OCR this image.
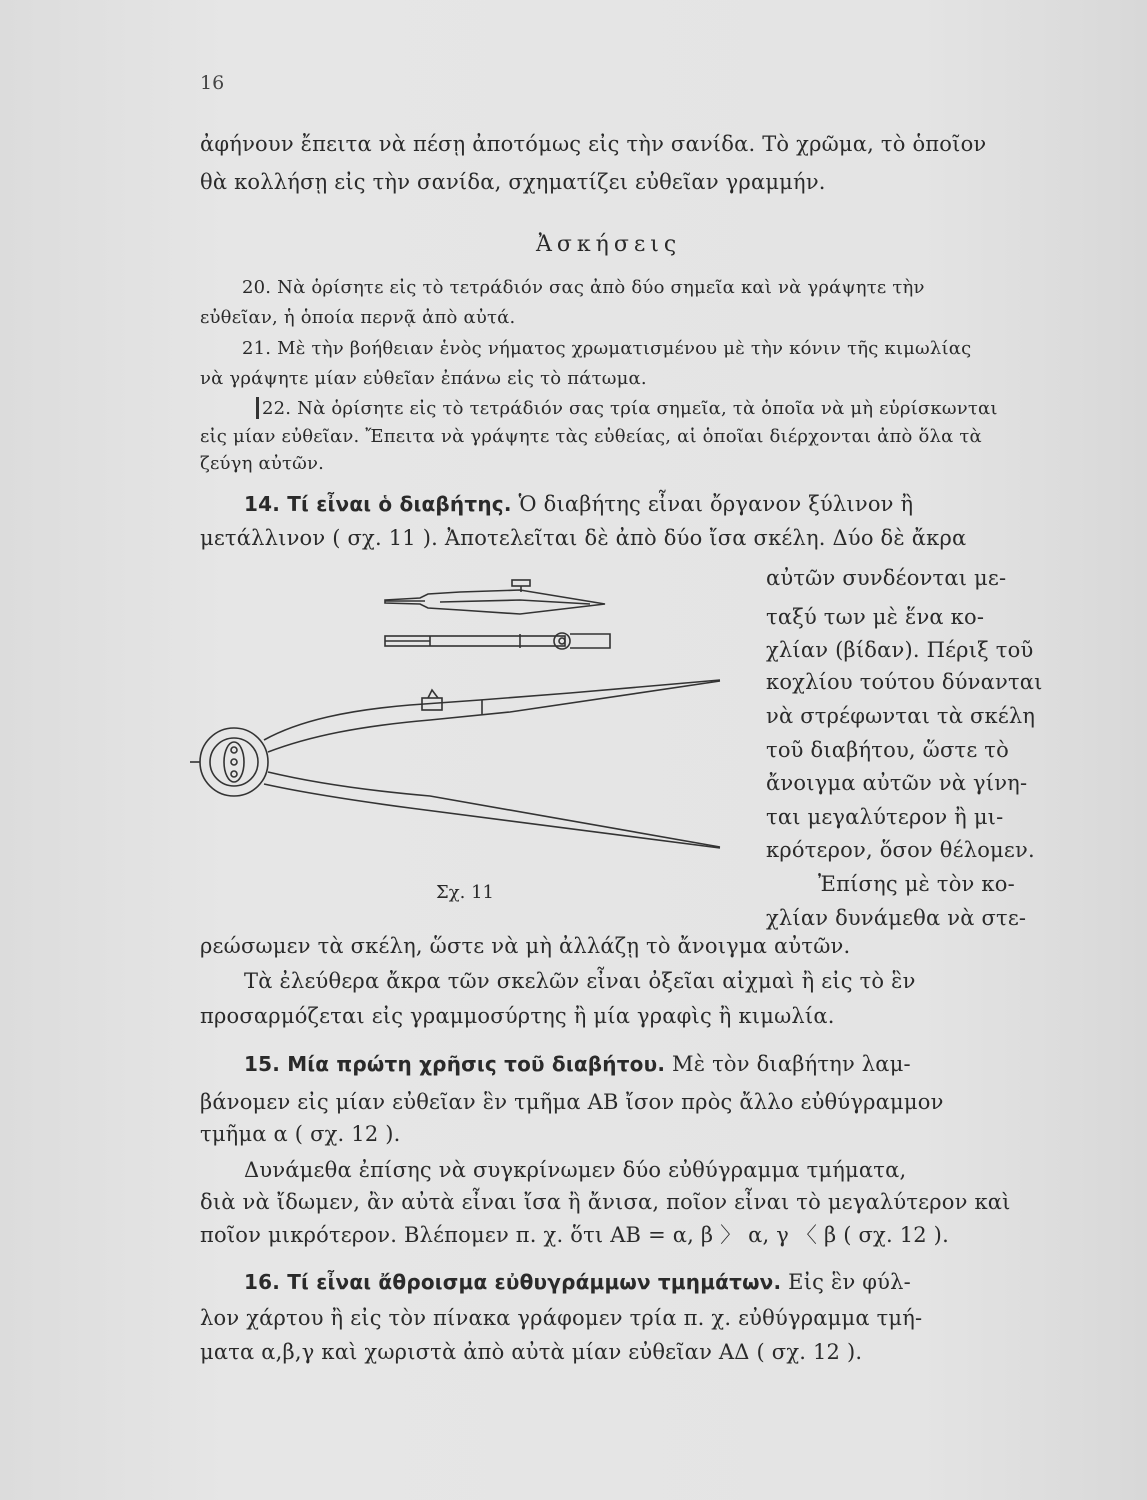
16
ἀφήνουν ἔπειτα νὰ πέσῃ ἀποτόμως εἰς τὴν σανίδα. Τὸ χρῶμα, τὸ ὁποῖον
θὰ κολλήσῃ εἰς τὴν σανίδα, σχηματίζει εὐθεῖαν γραμμήν.
Ἀσκήσεις
20. Νὰ ὁρίσητε εἰς τὸ τετράδιόν σας ἀπὸ δύο σημεῖα καὶ νὰ γράψητε τὴν
εὐθεῖαν, ἡ ὁποία περνᾷ ἀπὸ αὐτά.
21. Μὲ τὴν βοήθειαν ἑνὸς νήματος χρωματισμένου μὲ τὴν κόνιν τῆς κιμωλίας
νὰ γράψητε μίαν εὐθεῖαν ἐπάνω εἰς τὸ πάτωμα.
22. Νὰ ὁρίσητε εἰς τὸ τετράδιόν σας τρία σημεῖα, τὰ ὁποῖα νὰ μὴ εὑρίσκωνται
εἰς μίαν εὐθεῖαν. Ἔπειτα νὰ γράψητε τὰς εὐθείας, αἱ ὁποῖαι διέρχονται ἀπὸ ὅλα τὰ
ζεύγη αὐτῶν.
14. Τί εἶναι ὁ διαβήτης. Ὁ διαβήτης εἶναι ὄργανον ξύλινον ἢ
μετάλλινον ( σχ. 11 ). Ἀποτελεῖται δὲ ἀπὸ δύο ἴσα σκέλη. Δύο δὲ ἄκρα
αὐτῶν συνδέονται με-
ταξύ των μὲ ἕνα κο-
χλίαν (βίδαν). Πέριξ τοῦ
κοχλίου τούτου δύνανται
νὰ στρέφωνται τὰ σκέλη
τοῦ διαβήτου, ὥστε τὸ
ἄνοιγμα αὐτῶν νὰ γίνη-
ται μεγαλύτερον ἢ μι-
κρότερον, ὅσον θέλομεν.
Ἐπίσης μὲ τὸν κο-
χλίαν δυνάμεθα νὰ στε-
Σχ. 11
ρεώσωμεν τὰ σκέλη, ὥστε νὰ μὴ ἀλλάζῃ τὸ ἄνοιγμα αὐτῶν.
Τὰ ἐλεύθερα ἄκρα τῶν σκελῶν εἶναι ὀξεῖαι αἰχμαὶ ἢ εἰς τὸ ἓν
προσαρμόζεται εἰς γραμμοσύρτης ἢ μία γραφὶς ἢ κιμωλία.
15. Μία πρώτη χρῆσις τοῦ διαβήτου. Μὲ τὸν διαβήτην λαμ-
βάνομεν εἰς μίαν εὐθεῖαν ἓν τμῆμα ΑΒ ἴσον πρὸς ἄλλο εὐθύγραμμον
τμῆμα α ( σχ. 12 ).
Δυνάμεθα ἐπίσης νὰ συγκρίνωμεν δύο εὐθύγραμμα τμήματα,
διὰ νὰ ἴδωμεν, ἂν αὐτὰ εἶναι ἴσα ἢ ἄνισα, ποῖον εἶναι τὸ μεγαλύτερον καὶ
ποῖον μικρότερον. Βλέπομεν π. χ. ὅτι ΑΒ = α, β 〉 α, γ 〈 β ( σχ. 12 ).
16. Τί εἶναι ἄθροισμα εὐθυγράμμων τμημάτων. Εἰς ἓν φύλ-
λον χάρτου ἢ εἰς τὸν πίνακα γράφομεν τρία π. χ. εὐθύγραμμα τμή-
ματα α,β,γ καὶ χωριστὰ ἀπὸ αὐτὰ μίαν εὐθεῖαν ΑΔ ( σχ. 12 ).
